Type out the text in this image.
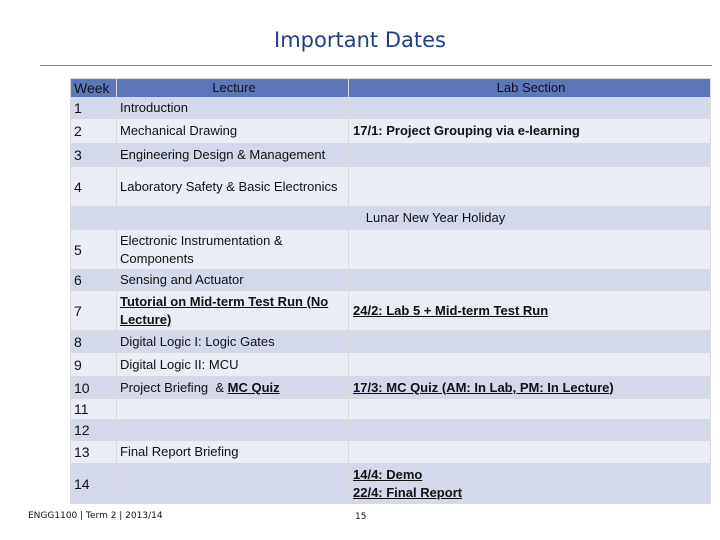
Important Dates
Week	Lecture	Lab Section
1	Introduction	
2	Mechanical Drawing	17/1: Project Grouping via e-learning
3	Engineering Design & Management	
4	Laboratory Safety & Basic Electronics	
Lunar New Year Holiday		
5	Electronic Instrumentation & Components	
6	Sensing and Actuator	
7	Tutorial on Mid-term Test Run (No Lecture)	24/2: Lab 5 + Mid-term Test Run
8	Digital Logic I: Logic Gates	
9	Digital Logic II: MCU	
10	Project Briefing  & MC Quiz	17/3: MC Quiz (AM: In Lab, PM: In Lecture)
11		
12		
13	Final Report Briefing	
14		14/4: Demo
22/4: Final Report
ENGG1100 | Term 2 | 2013/14	15
